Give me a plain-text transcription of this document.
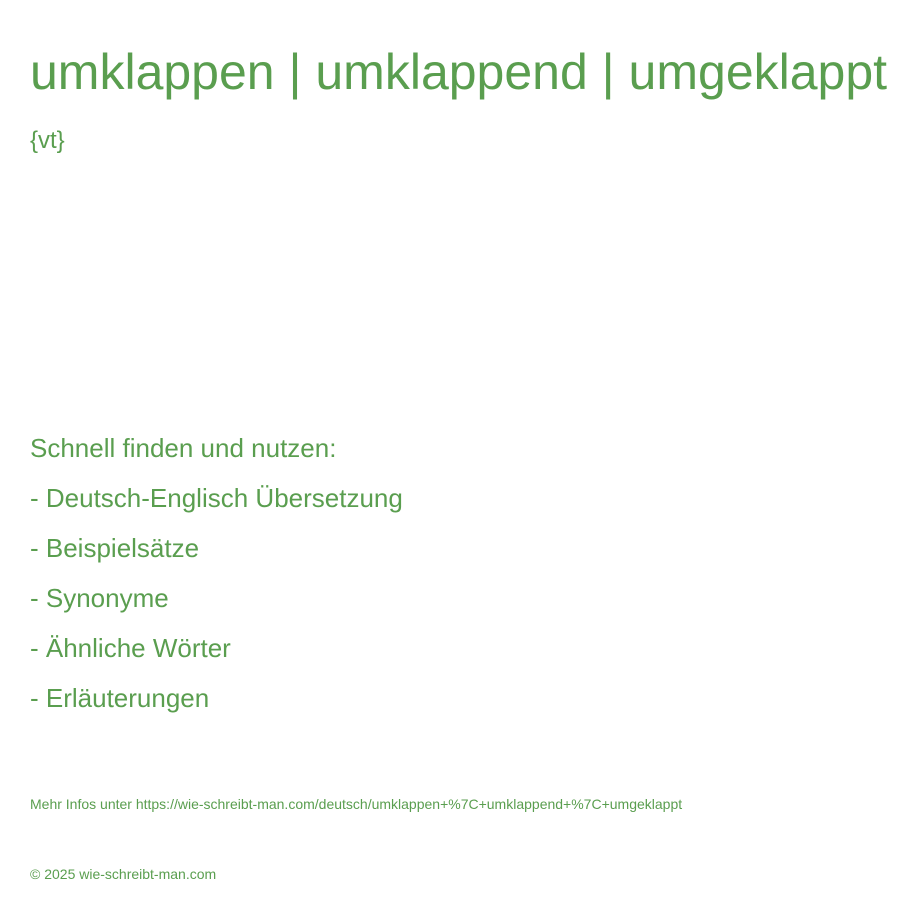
umklappen | umklappend | umgeklappt
{vt}
Schnell finden und nutzen:
- Deutsch-Englisch Übersetzung
- Beispielsätze
- Synonyme
- Ähnliche Wörter
- Erläuterungen
Mehr Infos unter https://wie-schreibt-man.com/deutsch/umklappen+%7C+umklappend+%7C+umgeklappt
© 2025 wie-schreibt-man.com
